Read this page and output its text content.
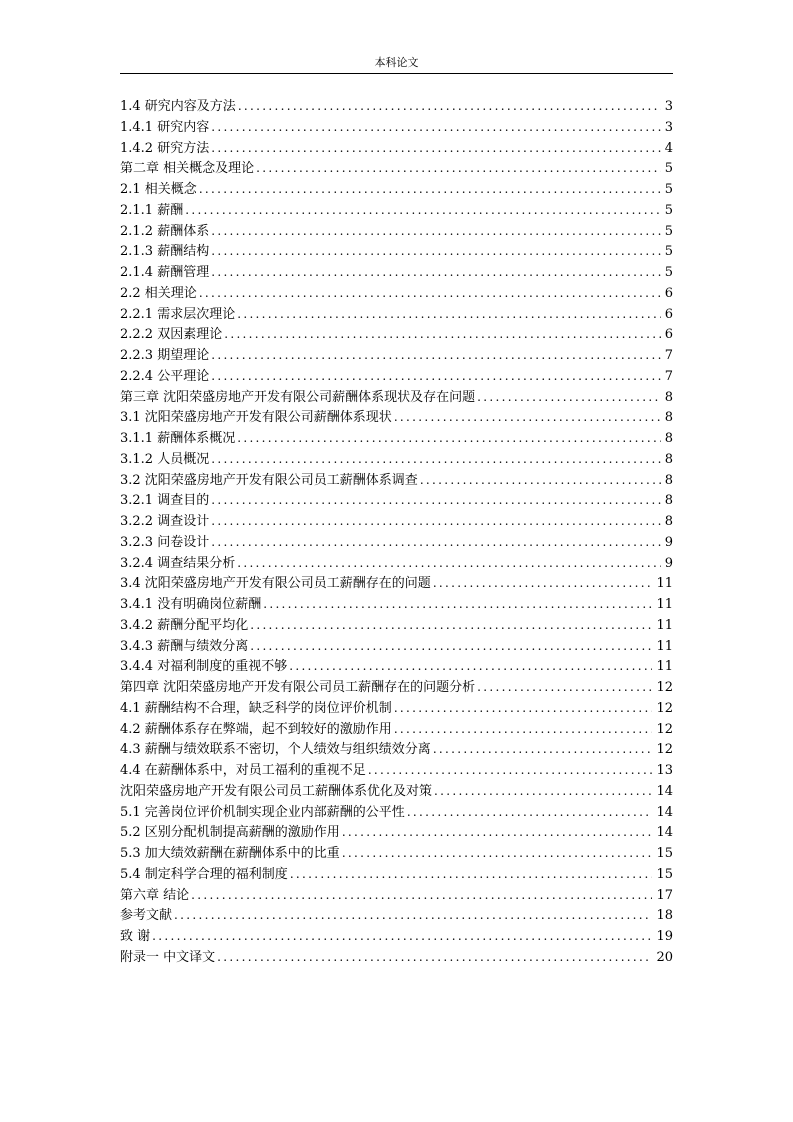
本科论文
1.4 研究内容及方法 .....	3
1.4.1 研究内容 .....	3
1.4.2 研究方法 .....	4
第二章 相关概念及理论 .....	5
2.1 相关概念 .....	5
2.1.1 薪酬 .....	5
2.1.2 薪酬体系 .....	5
2.1.3 薪酬结构 .....	5
2.1.4 薪酬管理 .....	5
2.2 相关理论 .....	6
2.2.1 需求层次理论 .....	6
2.2.2 双因素理论 .....	6
2.2.3 期望理论 .....	7
2.2.4 公平理论 .....	7
第三章 沈阳荣盛房地产开发有限公司薪酬体系现状及存在问题 .....	8
3.1 沈阳荣盛房地产开发有限公司薪酬体系现状 .....	8
3.1.1 薪酬体系概况 .....	8
3.1.2 人员概况 .....	8
3.2 沈阳荣盛房地产开发有限公司员工薪酬体系调查 .....	8
3.2.1 调查目的 .....	8
3.2.2 调查设计 .....	8
3.2.3 问卷设计 .....	9
3.2.4 调查结果分析 .....	9
3.4 沈阳荣盛房地产开发有限公司员工薪酬存在的问题 .....	11
3.4.1 没有明确岗位薪酬 .....	11
3.4.2 薪酬分配平均化 .....	11
3.4.3 薪酬与绩效分离 .....	11
3.4.4 对福利制度的重视不够 .....	11
第四章 沈阳荣盛房地产开发有限公司员工薪酬存在的问题分析 .....	12
4.1 薪酬结构不合理，缺乏科学的岗位评价机制 .....	12
4.2 薪酬体系存在弊端，起不到较好的激励作用 .....	12
4.3 薪酬与绩效联系不密切，个人绩效与组织绩效分离 .....	12
4.4 在薪酬体系中，对员工福利的重视不足 .....	13
沈阳荣盛房地产开发有限公司员工薪酬体系优化及对策 .....	14
5.1 完善岗位评价机制实现企业内部薪酬的公平性 .....	14
5.2 区别分配机制提高薪酬的激励作用 .....	14
5.3 加大绩效薪酬在薪酬体系中的比重 .....	15
5.4 制定科学合理的福利制度 .....	15
第六章 结论 .....	17
参考文献 .....	18
致 谢 .....	19
附录一 中文译文 .....	20
